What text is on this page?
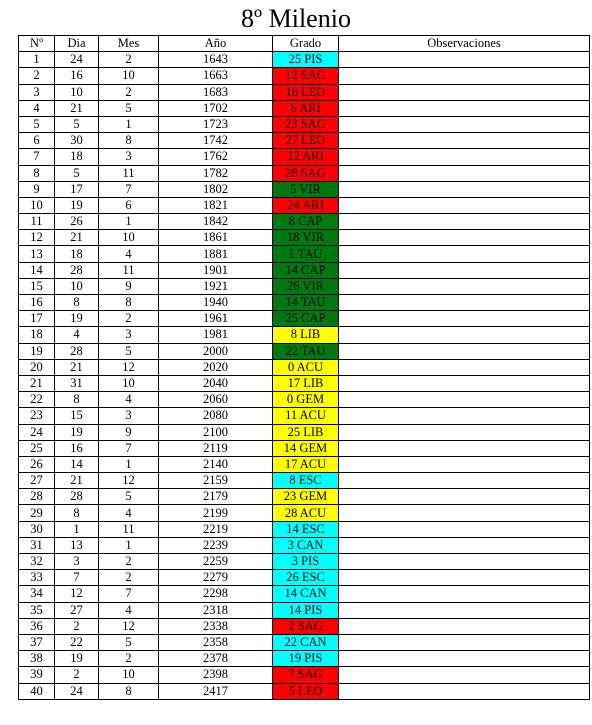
8º Milenio
Nº	Dia	Mes	Año	Grado	Observaciones
1	24	2	1643	25 PIS	
2	16	10	1663	12 SAG	
3	10	2	1683	16 LEO	
4	21	5	1702	6 ARI	
5	5	1	1723	23 SAG	
6	30	8	1742	27 LEO	
7	18	3	1762	12 ARI	
8	5	11	1782	28 SAG	
9	17	7	1802	5 VIR	
10	19	6	1821	24 ARI	
11	26	1	1842	8 CAP	
12	21	10	1861	18 VIR	
13	18	4	1881	1 TAU	
14	28	11	1901	14 CAP	
15	10	9	1921	26 VIR	
16	8	8	1940	14 TAU	
17	19	2	1961	25 CAP	
18	4	3	1981	8 LIB	
19	28	5	2000	22 TAU	
20	21	12	2020	0 ACU	
21	31	10	2040	17 LIB	
22	8	4	2060	0 GEM	
23	15	3	2080	11 ACU	
24	19	9	2100	25 LIB	
25	16	7	2119	14 GEM	
26	14	1	2140	17 ACU	
27	21	12	2159	8 ESC	
28	28	5	2179	23 GEM	
29	8	4	2199	28 ACU	
30	1	11	2219	14 ESC	
31	13	1	2239	3 CAN	
32	3	2	2259	3 PIS	
33	7	2	2279	26 ESC	
34	12	7	2298	14 CAN	
35	27	4	2318	14 PIS	
36	2	12	2338	2 SAG	
37	22	5	2358	22 CAN	
38	19	2	2378	19 PIS	
39	2	10	2398	7 SAG	
40	24	8	2417	5 LEO	
